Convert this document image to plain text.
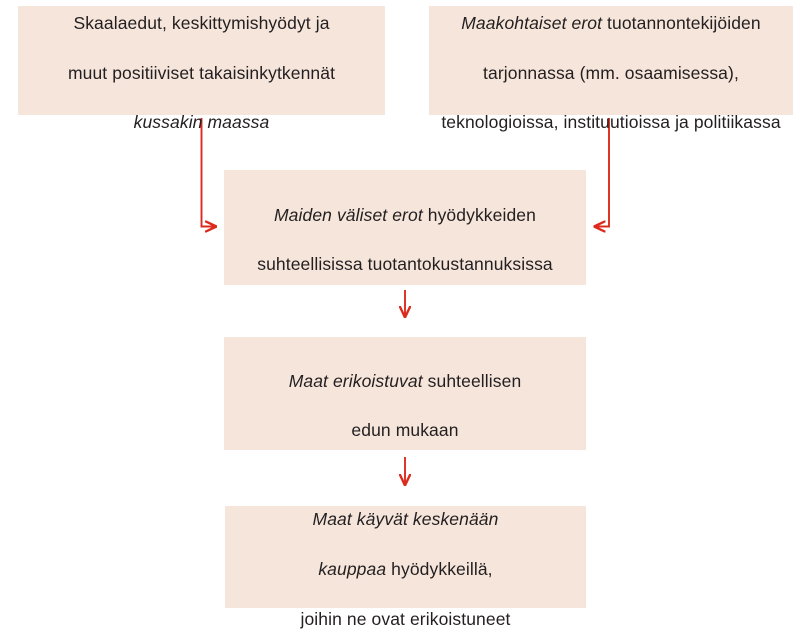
Skaalaedut, keskittymishyödyt ja

muut positiiviset takaisinkytkennät

kussakin maassa

Maakohtaiset erot tuotannontekijöiden

tarjonnassa (mm. osaamisessa),

teknologioissa, instituutioissa ja politiikassa

Maiden väliset erot hyödykkeiden

suhteellisissa tuotantokustannuksissa

Maat erikoistuvat suhteellisen

edun mukaan

Maat käyvät keskenään

kauppaa hyödykkeillä,

joihin ne ovat erikoistuneet
